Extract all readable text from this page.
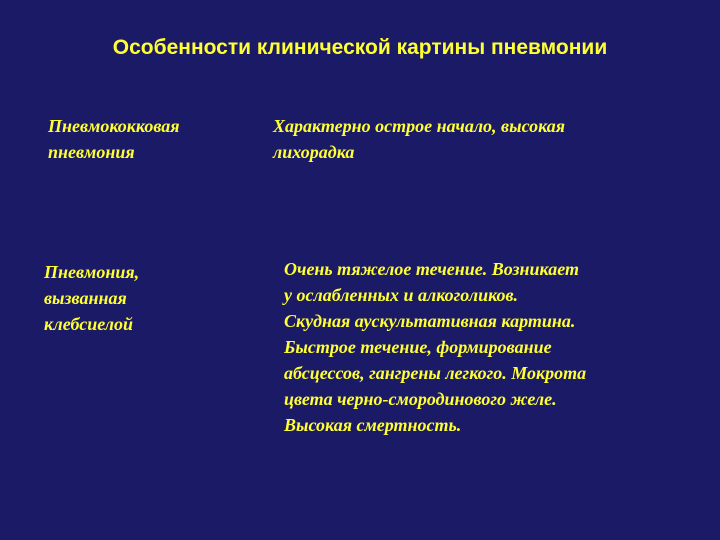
Особенности клинической картины пневмонии
Пневмококковая
пневмония
Характерно острое начало, высокая
лихорадка
Пневмония,
вызванная
клебсиелой
Очень тяжелое течение. Возникает
у ослабленных и алкоголиков.
Скудная аускультативная картина.
Быстрое течение, формирование
абсцессов, гангрены легкого. Мокрота
цвета черно-смородинового желе.
Высокая смертность.
